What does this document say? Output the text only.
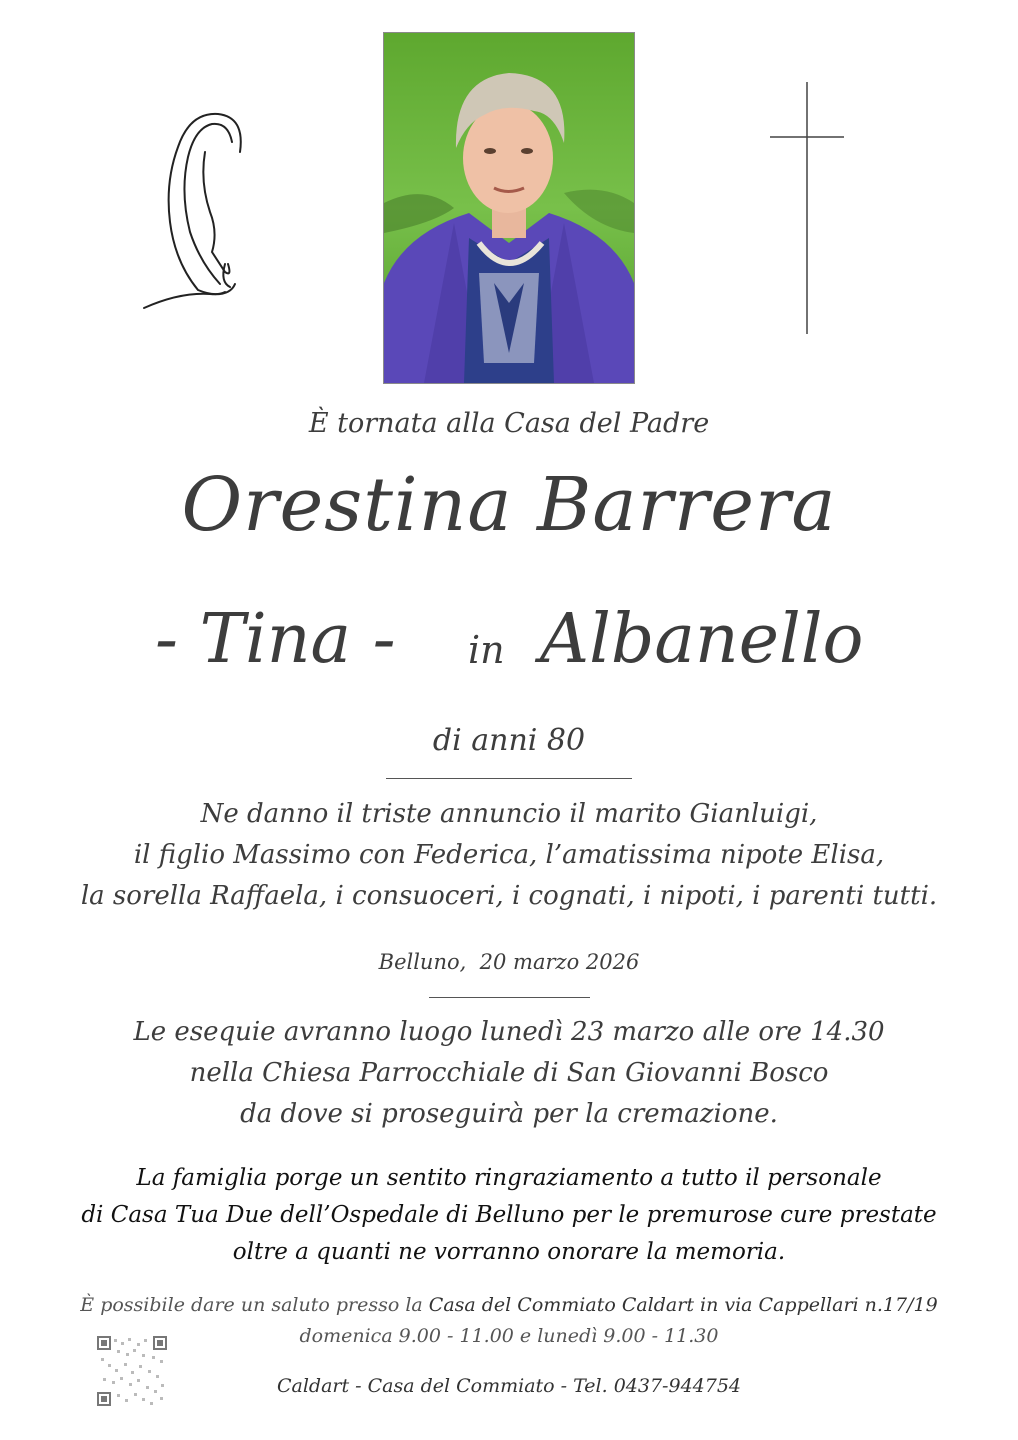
È tornata alla Casa del Padre
Orestina Barrera
- Tina - in Albanello
di anni 80
Ne danno il triste annuncio il marito Gianluigi,
il figlio Massimo con Federica, l’amatissima nipote Elisa,
la sorella Raffaela, i consuoceri, i cognati, i nipoti, i parenti tutti.
Belluno,  20 marzo 2026
Le esequie avranno luogo lunedì 23 marzo alle ore 14.30
nella Chiesa Parrocchiale di San Giovanni Bosco
da dove si proseguirà per la cremazione.
La famiglia porge un sentito ringraziamento a tutto il personale
di Casa Tua Due dell’Ospedale di Belluno per le premurose cure prestate
oltre a quanti ne vorranno onorare la memoria.
È possibile dare un saluto presso la Casa del Commiato Caldart in via Cappellari n.17/19
domenica 9.00 - 11.00 e lunedì 9.00 - 11.30
Caldart - Casa del Commiato - Tel. 0437-944754
